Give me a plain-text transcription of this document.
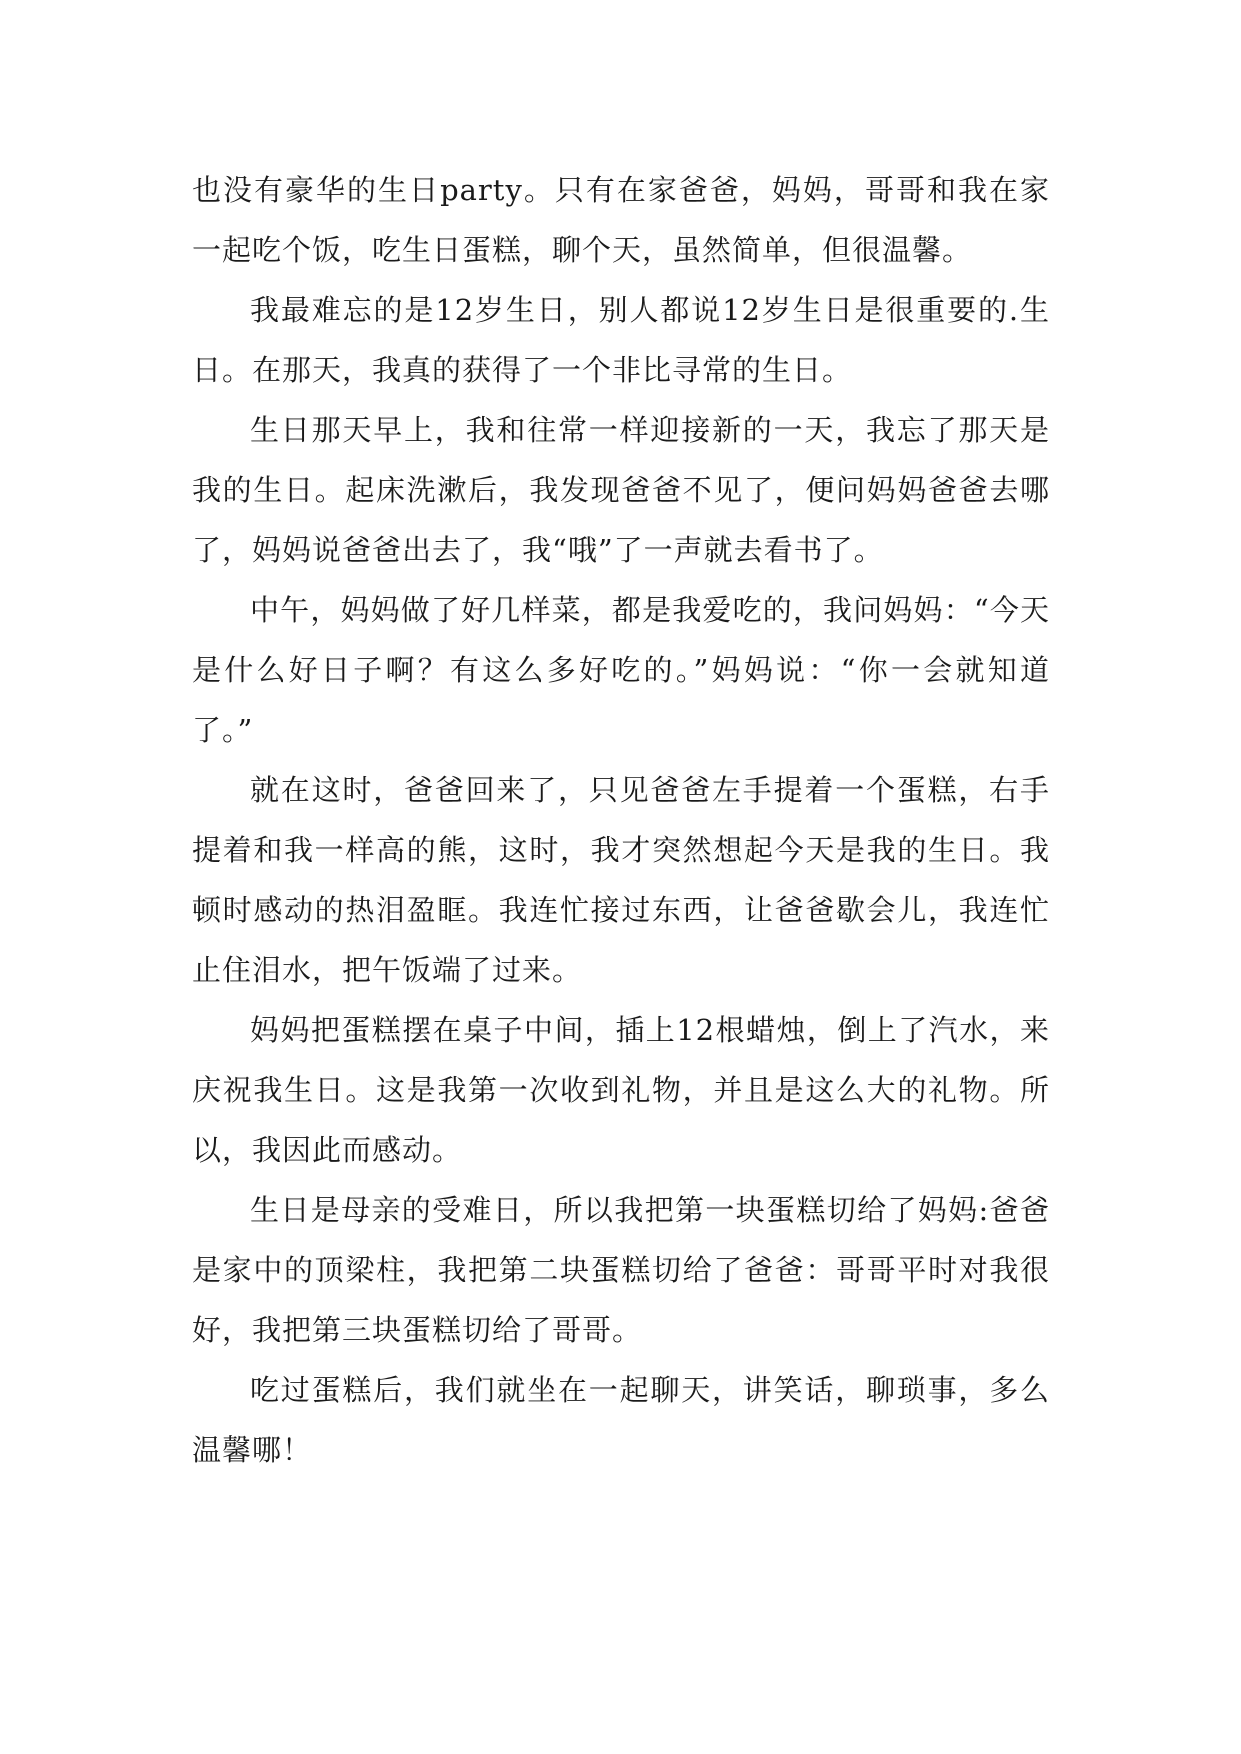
也没有豪华的生日party。只有在家爸爸，妈妈，哥哥和我在家一起吃个饭，吃生日蛋糕，聊个天，虽然简单，但很温馨。

我最难忘的是12岁生日，别人都说12岁生日是很重要的.生日。在那天，我真的获得了一个非比寻常的生日。

生日那天早上，我和往常一样迎接新的一天，我忘了那天是我的生日。起床洗漱后，我发现爸爸不见了，便问妈妈爸爸去哪了，妈妈说爸爸出去了，我“哦”了一声就去看书了。

中午，妈妈做了好几样菜，都是我爱吃的，我问妈妈：“今天是什么好日子啊？有这么多好吃的。”妈妈说：“你一会就知道了。”

就在这时，爸爸回来了，只见爸爸左手提着一个蛋糕，右手提着和我一样高的熊，这时，我才突然想起今天是我的生日。我顿时感动的热泪盈眶。我连忙接过东西，让爸爸歇会儿，我连忙止住泪水，把午饭端了过来。

妈妈把蛋糕摆在桌子中间，插上12根蜡烛，倒上了汽水，来庆祝我生日。这是我第一次收到礼物，并且是这么大的礼物。所以，我因此而感动。

生日是母亲的受难日，所以我把第一块蛋糕切给了妈妈:爸爸是家中的顶梁柱，我把第二块蛋糕切给了爸爸：哥哥平时对我很好，我把第三块蛋糕切给了哥哥。

吃过蛋糕后，我们就坐在一起聊天，讲笑话，聊琐事，多么温馨哪！
